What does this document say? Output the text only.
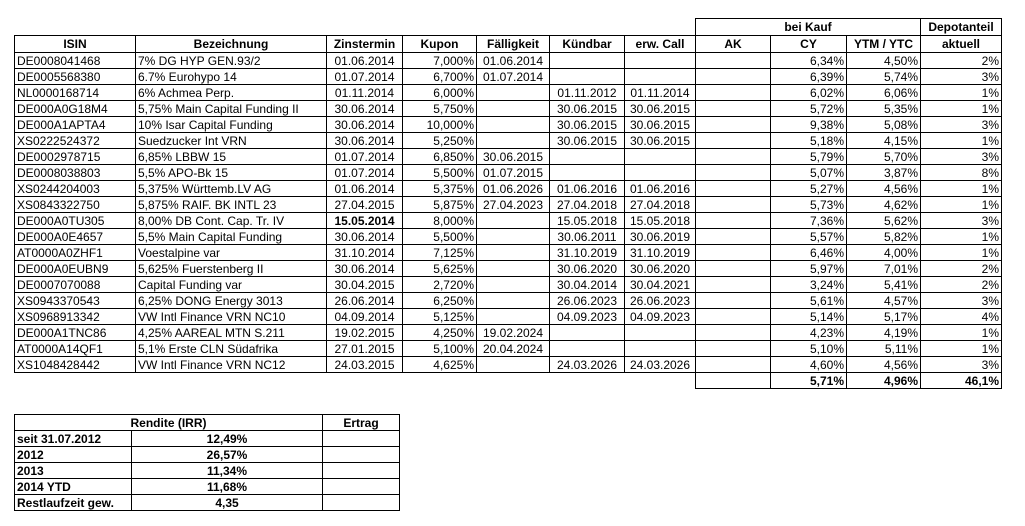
							bei Kauf			Depotanteil
ISIN	Bezeichnung	Zinstermin	Kupon	Fälligkeit	Kündbar	erw. Call	AK	CY	YTM / YTC	aktuell
DE0008041468	7% DG HYP GEN.93/2	01.06.2014	7,000%	01.06.2014				6,34%	4,50%	2%
DE0005568380	6.7% Eurohypo 14	01.07.2014	6,700%	01.07.2014				6,39%	5,74%	3%
NL0000168714	6% Achmea Perp.	01.11.2014	6,000%		01.11.2012	01.11.2014		6,02%	6,06%	1%
DE000A0G18M4	5,75% Main Capital Funding II	30.06.2014	5,750%		30.06.2015	30.06.2015		5,72%	5,35%	1%
DE000A1APTA4	10% Isar Capital Funding	30.06.2014	10,000%		30.06.2015	30.06.2015		9,38%	5,08%	3%
XS0222524372	Suedzucker Int VRN	30.06.2014	5,250%		30.06.2015	30.06.2015		5,18%	4,15%	1%
DE0002978715	6,85% LBBW 15	01.07.2014	6,850%	30.06.2015				5,79%	5,70%	3%
DE0008038803	5,5% APO-Bk 15	01.07.2014	5,500%	01.07.2015				5,07%	3,87%	8%
XS0244204003	5,375% Württemb.LV AG	01.06.2014	5,375%	01.06.2026	01.06.2016	01.06.2016		5,27%	4,56%	1%
XS0843322750	5,875% RAIF. BK INTL 23	27.04.2015	5,875%	27.04.2023	27.04.2018	27.04.2018		5,73%	4,62%	1%
DE000A0TU305	8,00% DB Cont. Cap. Tr. IV	15.05.2014	8,000%		15.05.2018	15.05.2018		7,36%	5,62%	3%
DE000A0E4657	5,5% Main Capital Funding	30.06.2014	5,500%		30.06.2011	30.06.2019		5,57%	5,82%	1%
AT0000A0ZHF1	Voestalpine var	31.10.2014	7,125%		31.10.2019	31.10.2019		6,46%	4,00%	1%
DE000A0EUBN9	5,625% Fuerstenberg II	30.06.2014	5,625%		30.06.2020	30.06.2020		5,97%	7,01%	2%
DE0007070088	Capital Funding var	30.04.2015	2,720%		30.04.2014	30.04.2021		3,24%	5,41%	2%
XS0943370543	6,25% DONG Energy 3013	26.06.2014	6,250%		26.06.2023	26.06.2023		5,61%	4,57%	3%
XS0968913342	VW Intl Finance VRN NC10	04.09.2014	5,125%		04.09.2023	04.09.2023		5,14%	5,17%	4%
DE000A1TNC86	4,25% AAREAL MTN S.211	19.02.2015	4,250%	19.02.2024				4,23%	4,19%	1%
AT0000A14QF1	5,1% Erste CLN Südafrika	27.01.2015	5,100%	20.04.2024				5,10%	5,11%	1%
XS1048428442	VW Intl Finance VRN NC12	24.03.2015	4,625%		24.03.2026	24.03.2026		4,60%	4,56%	3%
								5,71%	4,96%	46,1%
Rendite (IRR)		Ertrag
seit 31.07.2012	12,49%	
2012	26,57%	
2013	11,34%	
2014 YTD	11,68%	
Restlaufzeit gew.	4,35	
